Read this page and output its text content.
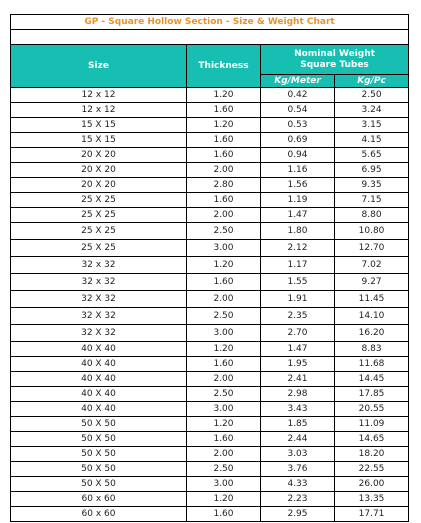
GP - Square Hollow Section - Size & Weight Chart			

Size	Thickness	Nominal Weight
Square Tubes	

		Kg/Meter	Kg/Pc
12 x 12	1.20	0.42	2.50
12 x 12	1.60	0.54	3.24
15 X 15	1.20	0.53	3.15
15 X 15	1.60	0.69	4.15
20 X 20	1.60	0.94	5.65
20 X 20	2.00	1.16	6.95
20 X 20	2.80	1.56	9.35
25 X 25	1.60	1.19	7.15
25 X 25	2.00	1.47	8.80
25 X 25	2.50	1.80	10.80
25 X 25	3.00	2.12	12.70
32 x 32	1.20	1.17	7.02
32 x 32	1.60	1.55	9.27
32 X 32	2.00	1.91	11.45
32 X 32	2.50	2.35	14.10
32 X 32	3.00	2.70	16.20
40 X 40	1.20	1.47	8.83
40 X 40	1.60	1.95	11.68
40 X 40	2.00	2.41	14.45
40 X 40	2.50	2.98	17.85
40 X 40	3.00	3.43	20.55
50 X 50	1.20	1.85	11.09
50 X 50	1.60	2.44	14.65
50 X 50	2.00	3.03	18.20
50 X 50	2.50	3.76	22.55
50 X 50	3.00	4.33	26.00
60 x 60	1.20	2.23	13.35
60 x 60	1.60	2.95	17.71
